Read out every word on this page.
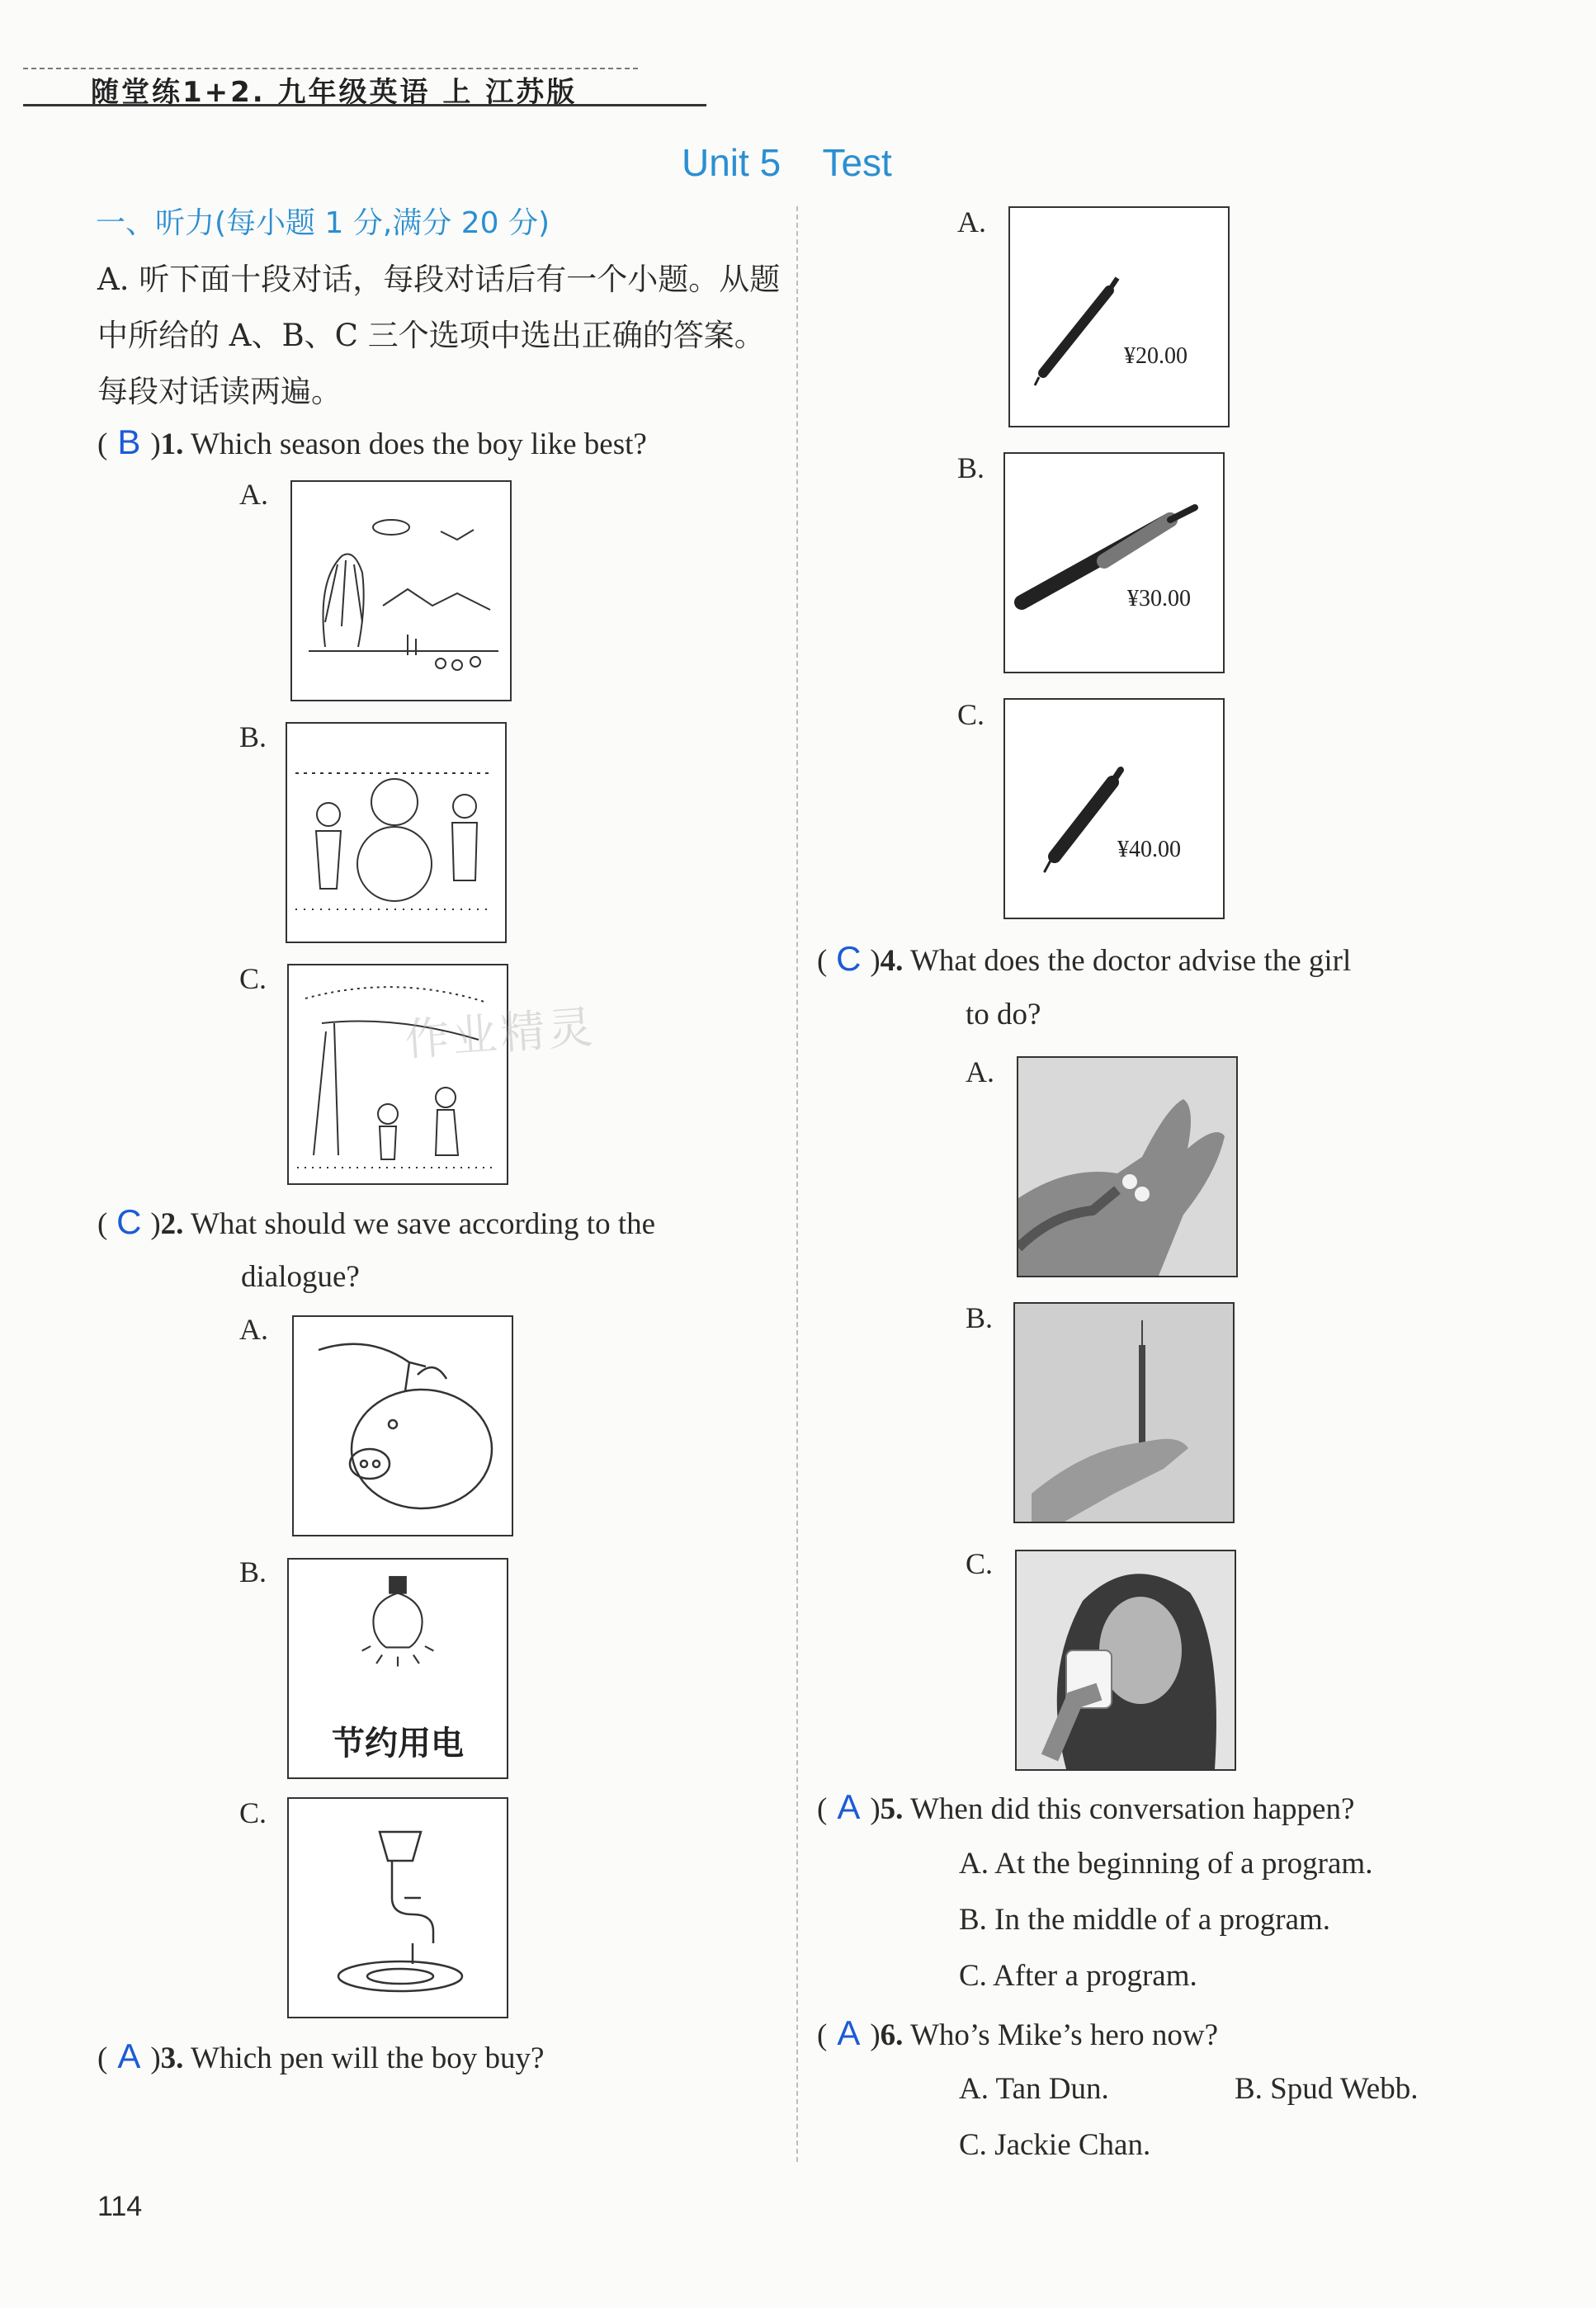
随堂练1+2. 九年级英语 上 江苏版
Unit 5    Test
一、听力(每小题 1 分,满分 20 分)
A. 听下面十段对话，每段对话后有一个小题。从题中所给的 A、B、C 三个选项中选出正确的答案。每段对话读两遍。
( B )1. Which season does the boy like best?
A.
B.
C.
作业精灵
( C )2. What should we save according to the
dialogue?
A.
B.
节约用电
C.
( A )3. Which pen will the boy buy?
114
A.
¥20.00
B.
¥30.00
C.
¥40.00
( C )4. What does the doctor advise the girl
to do?
A.
B.
C.
( A )5. When did this conversation happen?
A. At the beginning of a program.
B. In the middle of a program.
C. After a program.
( A )6. Who’s Mike’s hero now?
A. Tan Dun.	B. Spud Webb.
C. Jackie Chan.
